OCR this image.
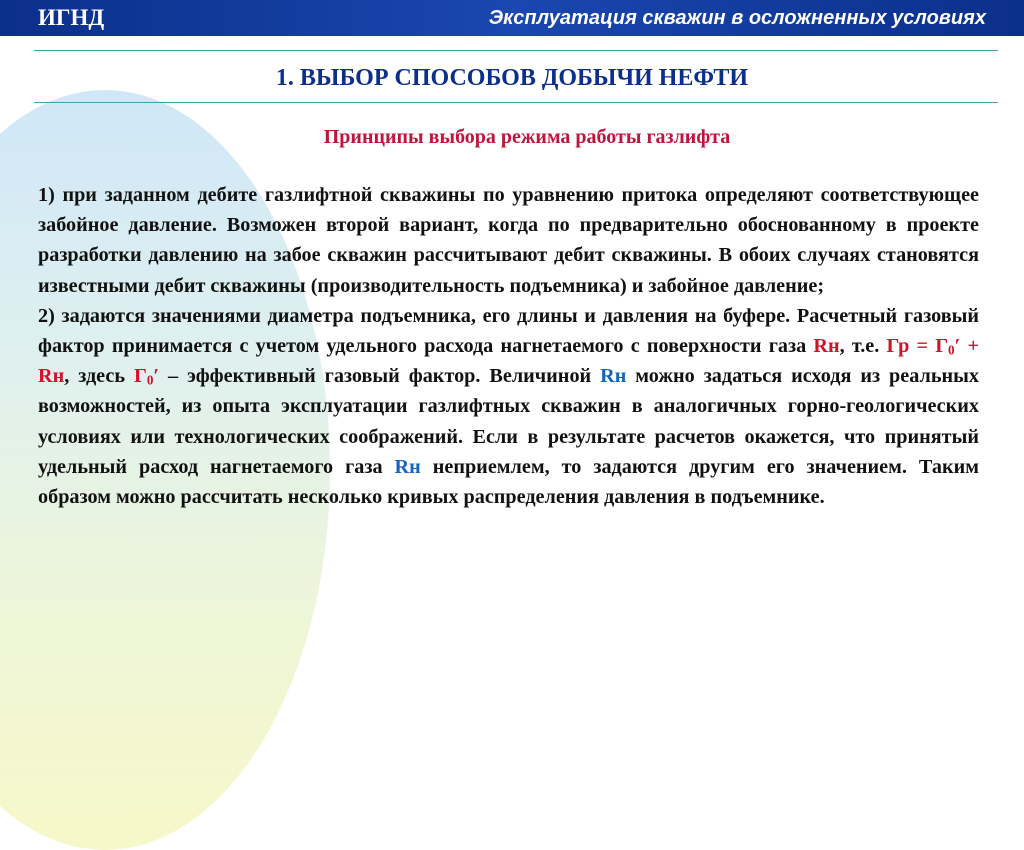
ИГНД	Эксплуатация скважин в осложненных условиях
1. ВЫБОР СПОСОБОВ ДОБЫЧИ НЕФТИ
Принципы выбора режима работы газлифта

1) при заданном дебите газлифтной скважины по уравнению притока определяют соответствующее забойное давление. Возможен второй вариант, когда по предварительно обоснованному в проекте разработки давлению на забое скважин рассчитывают дебит скважины. В обоих случаях становятся известными дебит скважины (производительность подъемника) и забойное давление;

2) задаются значениями диаметра подъемника, его длины и давления на буфере. Расчетный газовый фактор принимается с учетом удельного расхода нагнетаемого с поверхности газа Rн, т.е. Гр = $Г_0'$ + Rн, здесь $Г_0'$ – эффективный газовый фактор. Величиной Rн можно задаться исходя из реальных возможностей, из опыта эксплуатации газлифтных скважин в аналогичных горно-геологических условиях или технологических соображений. Если в результате расчетов окажется, что принятый удельный расход нагнетаемого газа Rн неприемлем, то задаются другим его значением. Таким образом можно рассчитать несколько кривых распределения давления в подъемнике.
